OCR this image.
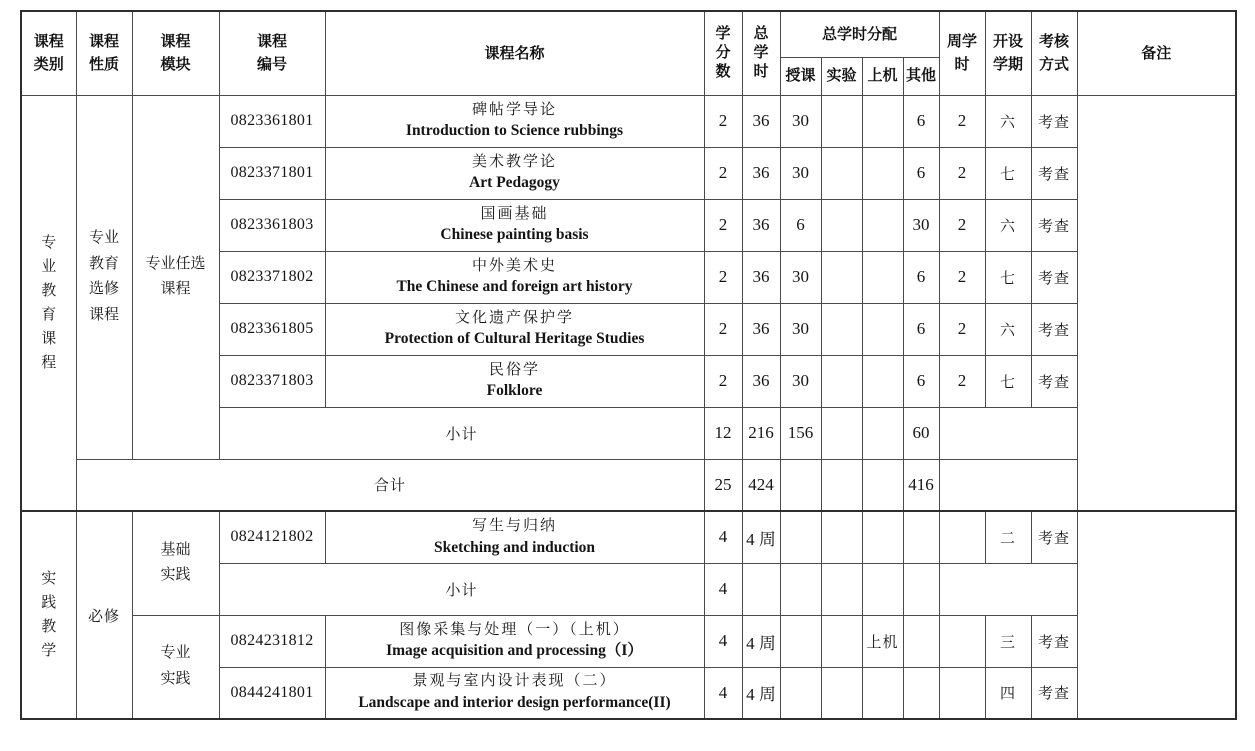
课程类别	课程性质	课程模块	课程编号	课程名称	学分数	总学时	总学时分配				周学时	开设学期	考核方式	备注
							授课	实验	上机	其他				

专业教育课程	专业教育选修课程	专业任选课程	0823361801	碑帖学导论
Introduction to Science rubbings	2	36	30			6	2	六	考查	
			0823371801	美术教学论
Art Pedagogy	2	36	30			6	2	七	考查	
			0823361803	国画基础
Chinese painting basis	2	36	6			30	2	六	考查	
			0823371802	中外美术史
The Chinese and foreign art history	2	36	30			6	2	七	考查	
			0823361805	文化遗产保护学
Protection of Cultural Heritage Studies	2	36	30			6	2	六	考查	
			0823371803	民俗学
Folklore	2	36	30			6	2	七	考查	
			小计		12	216	156			60				
	合计				25	424				416				

实践教学	必修	基础实践	0824121802	写生与归纳
Sketching and induction	4	4 周						二	考查	
			小计		4									

		专业实践	0824231812	图像采集与处理（一）（上机）
Image acquisition and processing（I）	4	4 周			上机			三	考查	
			0844241801	景观与室内设计表现（二）
Landscape and interior design performance(II)	4	4 周						四	考查	
